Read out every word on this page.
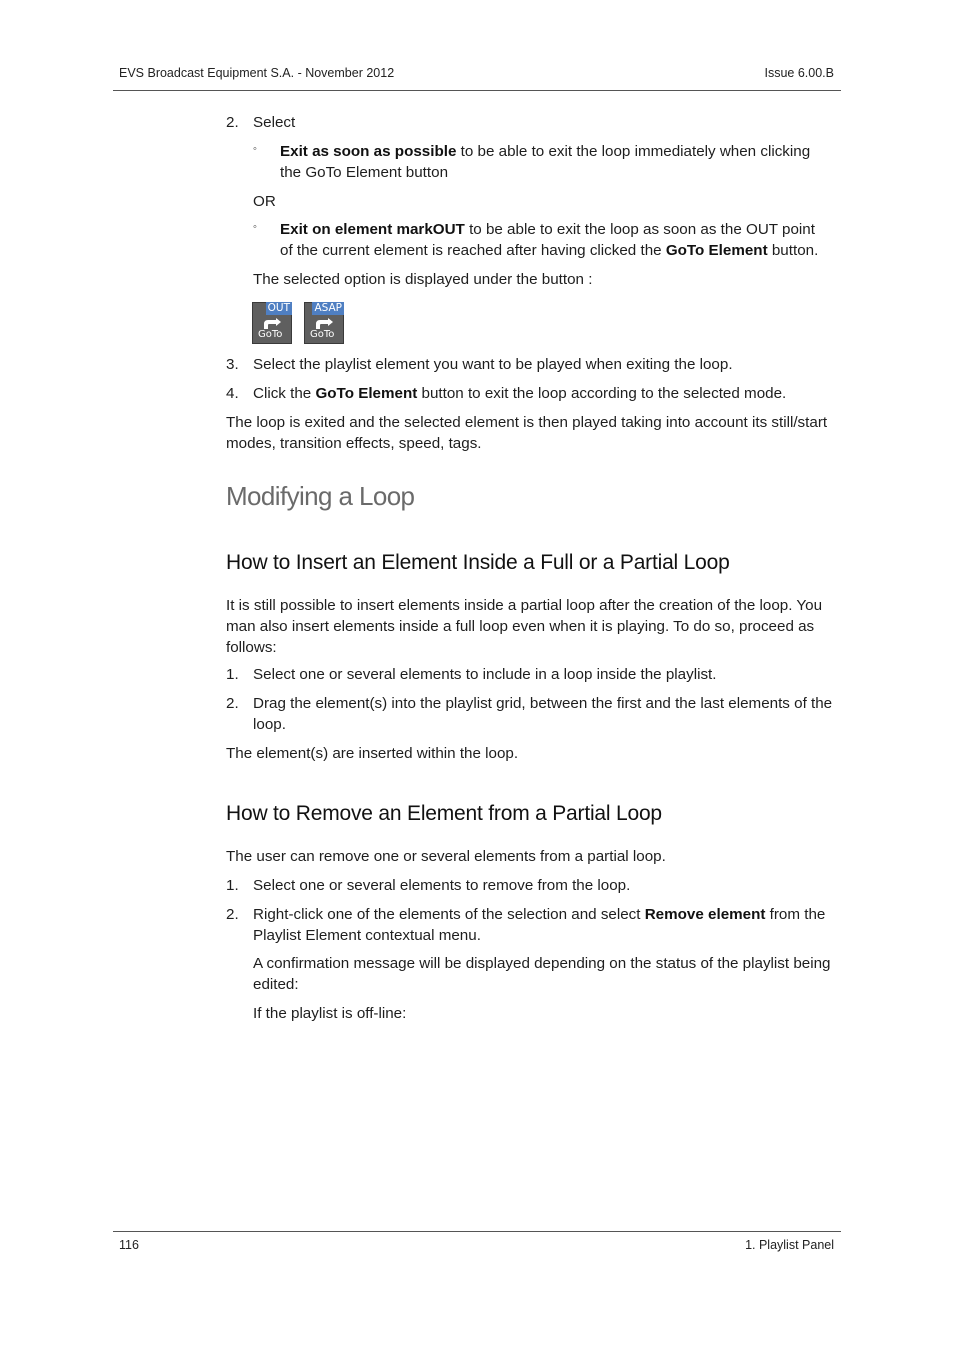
EVS Broadcast Equipment S.A. - November 2012	Issue 6.00.B
2. Select
◦ Exit as soon as possible to be able to exit the loop immediately when clicking
the GoTo Element button
OR
◦ Exit on element markOUT to be able to exit the loop as soon as the OUT point
of the current element is reached after having clicked the GoTo Element button.
The selected option is displayed under the button :
OUT
GoTo
ASAP
GoTo
3. Select the playlist element you want to be played when exiting the loop.
4. Click the GoTo Element button to exit the loop according to the selected mode.
The loop is exited and the selected element is then played taking into account its still/start
modes, transition effects, speed, tags.
Modifying a Loop
How to Insert an Element Inside a Full or a Partial Loop
It is still possible to insert elements inside a partial loop after the creation of the loop. You
man also insert elements inside a full loop even when it is playing. To do so, proceed as
follows:
1. Select one or several elements to include in a loop inside the playlist.
2. Drag the element(s) into the playlist grid, between the first and the last elements of the
loop.
The element(s) are inserted within the loop.
How to Remove an Element from a Partial Loop
The user can remove one or several elements from a partial loop.
1. Select one or several elements to remove from the loop.
2. Right-click one of the elements of the selection and select Remove element from the
Playlist Element contextual menu.
A confirmation message will be displayed depending on the status of the playlist being
edited:
If the playlist is off-line:
116	1. Playlist Panel
